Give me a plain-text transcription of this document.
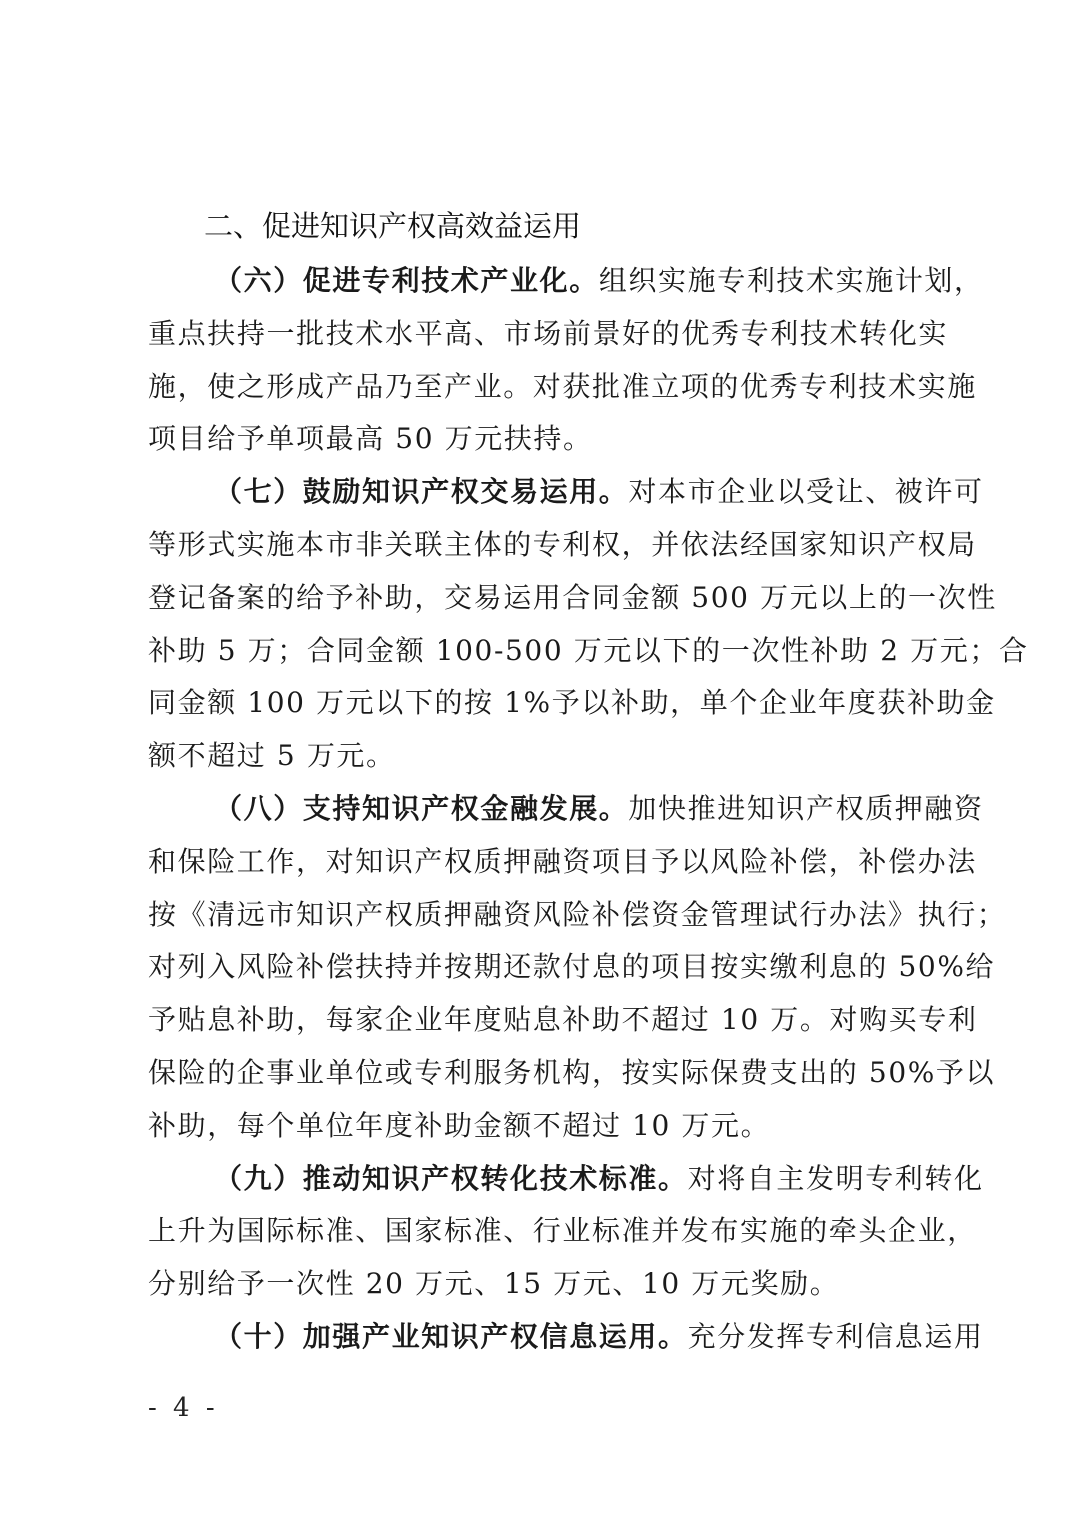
二、促进知识产权高效益运用

（六）促进专利技术产业化。组织实施专利技术实施计划，
重点扶持一批技术水平高、市场前景好的优秀专利技术转化实
施，使之形成产品乃至产业。对获批准立项的优秀专利技术实施
项目给予单项最高 50 万元扶持。

（七）鼓励知识产权交易运用。对本市企业以受让、被许可
等形式实施本市非关联主体的专利权，并依法经国家知识产权局
登记备案的给予补助，交易运用合同金额 500 万元以上的一次性
补助 5 万；合同金额 100-500 万元以下的一次性补助 2 万元；合
同金额 100 万元以下的按 1%予以补助，单个企业年度获补助金
额不超过 5 万元。

（八）支持知识产权金融发展。加快推进知识产权质押融资
和保险工作，对知识产权质押融资项目予以风险补偿，补偿办法
按《清远市知识产权质押融资风险补偿资金管理试行办法》执行；
对列入风险补偿扶持并按期还款付息的项目按实缴利息的 50%给
予贴息补助，每家企业年度贴息补助不超过 10 万。对购买专利
保险的企事业单位或专利服务机构，按实际保费支出的 50%予以
补助，每个单位年度补助金额不超过 10 万元。

（九）推动知识产权转化技术标准。对将自主发明专利转化
上升为国际标准、国家标准、行业标准并发布实施的牵头企业，
分别给予一次性 20 万元、15 万元、10 万元奖励。

（十）加强产业知识产权信息运用。充分发挥专利信息运用

- 4 -
